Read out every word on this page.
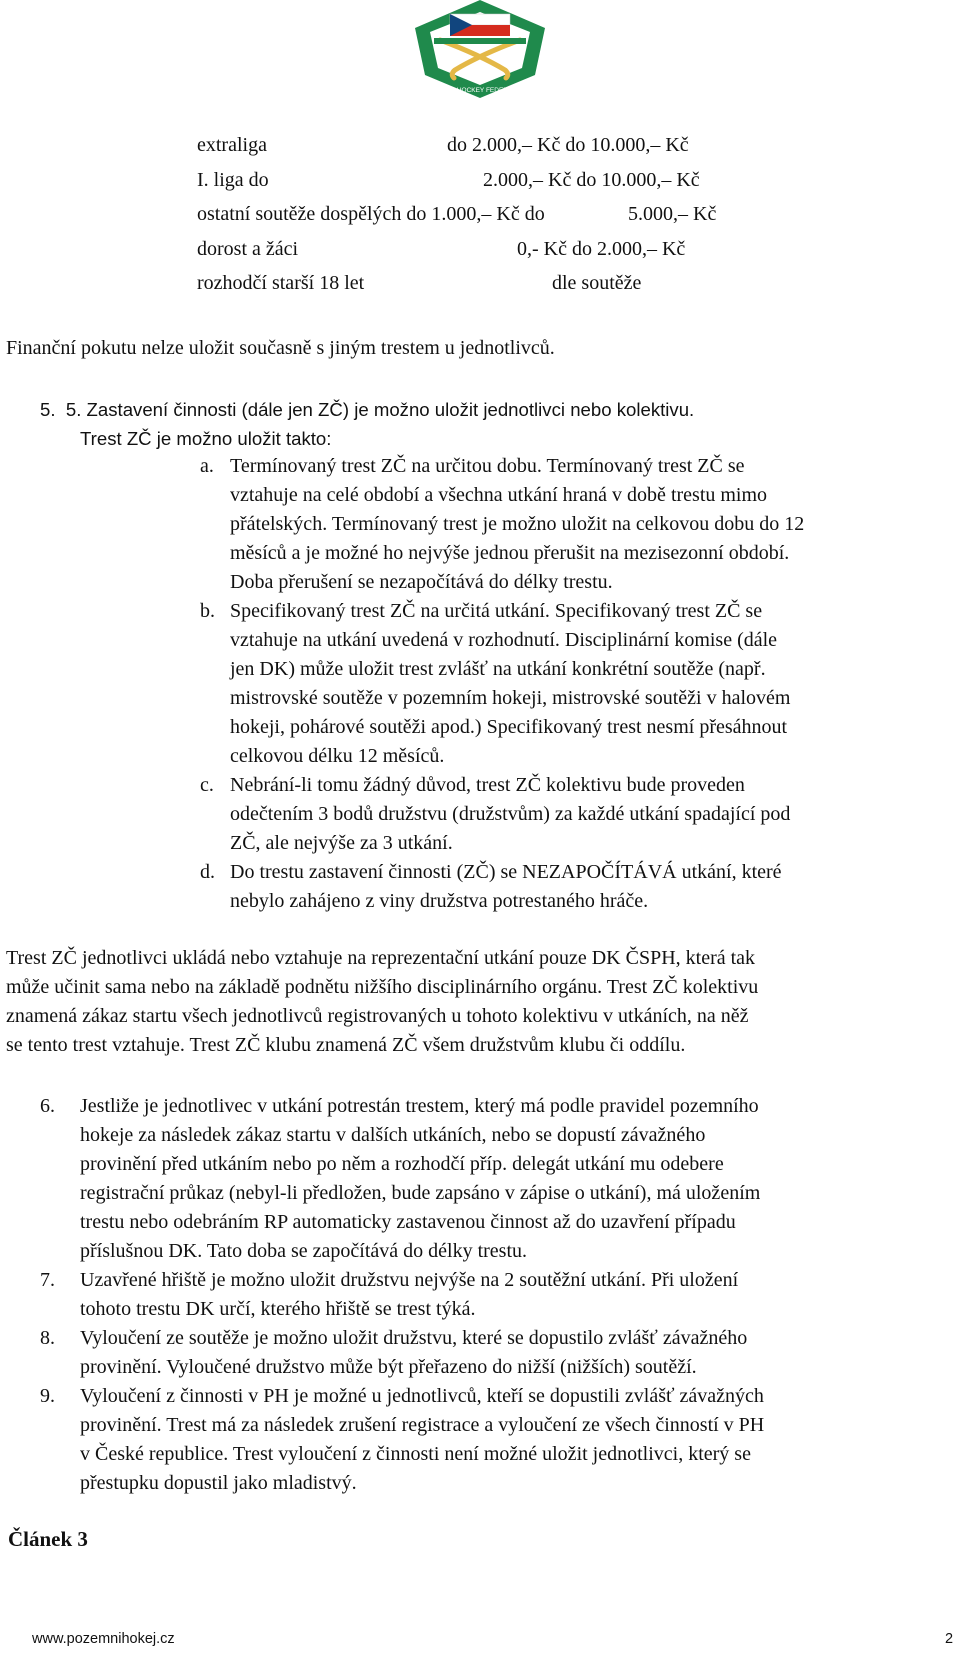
CZECH HOCKEY FEDERATION
extraliga	do 2.000,– Kč do 10.000,– Kč
I. liga do	2.000,– Kč do 10.000,– Kč
ostatní soutěže dospělých do 1.000,– Kč do	5.000,– Kč
dorost a žáci	0,- Kč do 2.000,– Kč
rozhodčí starší 18 let	dle soutěže

Finanční pokutu nelze uložit současně s jiným trestem u jednotlivců.

5. 5. Zastavení činnosti (dále jen ZČ) je možno uložit jednotlivci nebo kolektivu.
Trest ZČ je možno uložit takto:
a. Termínovaný trest ZČ na určitou dobu. Termínovaný trest ZČ se
vztahuje na celé období a všechna utkání hraná v době trestu mimo
přátelských. Termínovaný trest je možno uložit na celkovou dobu do 12
měsíců a je možné ho nejvýše jednou přerušit na mezisezonní období.
Doba přerušení se nezapočítává do délky trestu.
b. Specifikovaný trest ZČ na určitá utkání. Specifikovaný trest ZČ se
vztahuje na utkání uvedená v rozhodnutí. Disciplinární komise (dále
jen DK) může uložit trest zvlášť na utkání konkrétní soutěže (např.
mistrovské soutěže v pozemním hokeji, mistrovské soutěži v halovém
hokeji, pohárové soutěži apod.) Specifikovaný trest nesmí přesáhnout
celkovou délku 12 měsíců.
c. Nebrání-li tomu žádný důvod, trest ZČ kolektivu bude proveden
odečtením 3 bodů družstvu (družstvům) za každé utkání spadající pod
ZČ, ale nejvýše za 3 utkání.
d. Do trestu zastavení činnosti (ZČ) se NEZAPOČÍTÁVÁ utkání, které
nebylo zahájeno z viny družstva potrestaného hráče.
Trest ZČ jednotlivci ukládá nebo vztahuje na reprezentační utkání pouze DK ČSPH, která tak
může učinit sama nebo na základě podnětu nižšího disciplinárního orgánu. Trest ZČ kolektivu
znamená zákaz startu všech jednotlivců registrovaných u tohoto kolektivu v utkáních, na něž
se tento trest vztahuje. Trest ZČ klubu znamená ZČ všem družstvům klubu či oddílu.
6. Jestliže je jednotlivec v utkání potrestán trestem, který má podle pravidel pozemního
hokeje za následek zákaz startu v dalších utkáních, nebo se dopustí závažného
provinění před utkáním nebo po něm a rozhodčí příp. delegát utkání mu odebere
registrační průkaz (nebyl-li předložen, bude zapsáno v zápise o utkání), má uložením
trestu nebo odebráním RP automaticky zastavenou činnost až do uzavření případu
příslušnou DK. Tato doba se započítává do délky trestu.
7. Uzavřené hřiště je možno uložit družstvu nejvýše na 2 soutěžní utkání. Při uložení
tohoto trestu DK určí, kterého hřiště se trest týká.
8. Vyloučení ze soutěže je možno uložit družstvu, které se dopustilo zvlášť závažného
provinění. Vyloučené družstvo může být přeřazeno do nižší (nižších) soutěží.
9. Vyloučení z činnosti v PH je možné u jednotlivců, kteří se dopustili zvlášť závažných
provinění. Trest má za následek zrušení registrace a vyloučení ze všech činností v PH
v České republice. Trest vyloučení z činnosti není možné uložit jednotlivci, který se
přestupku dopustil jako mladistvý.
Článek 3
www.pozemnihokej.cz	2
